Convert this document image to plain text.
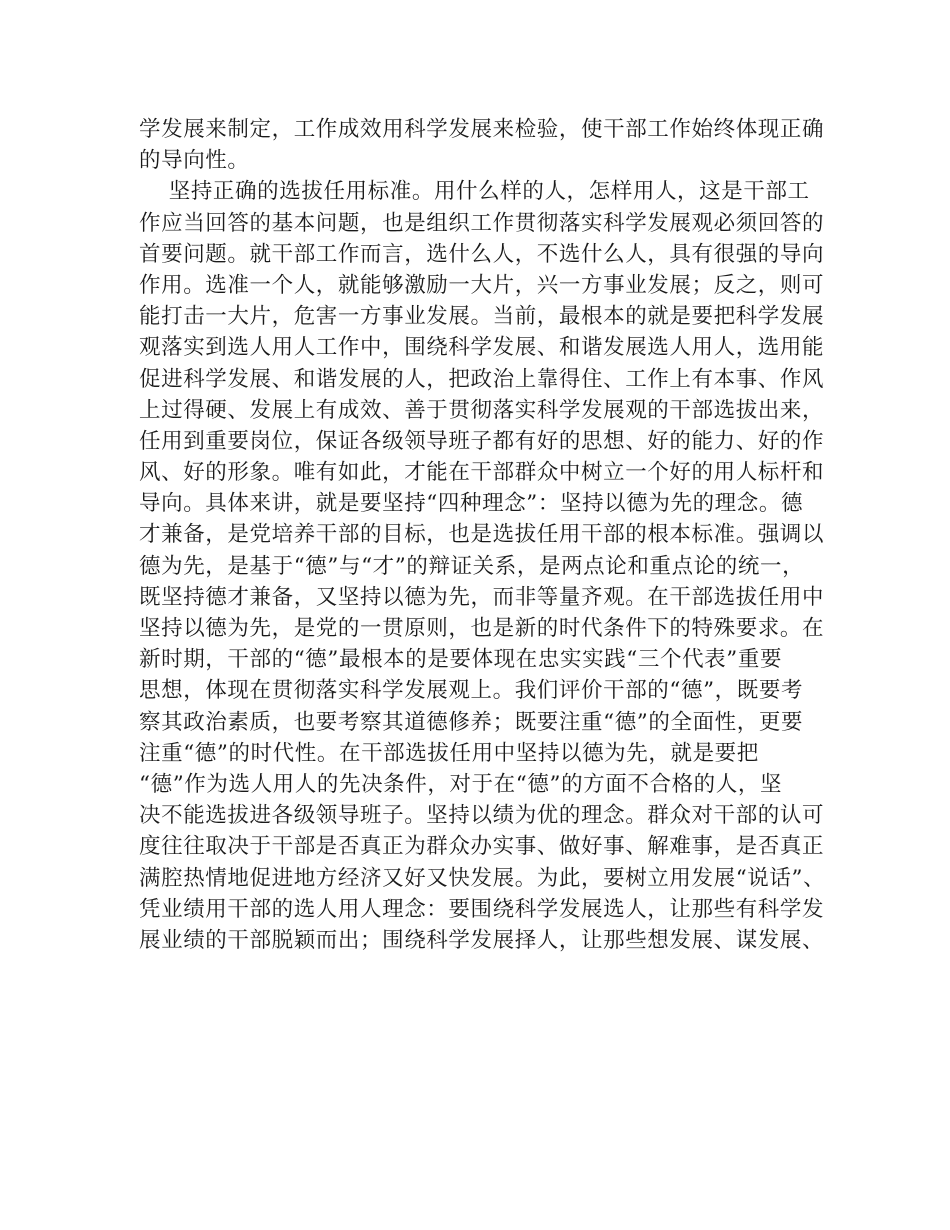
学发展来制定，工作成效用科学发展来检验，使干部工作始终体现正确
的导向性。
坚持正确的选拔任用标准。用什么样的人，怎样用人，这是干部工
作应当回答的基本问题，也是组织工作贯彻落实科学发展观必须回答的
首要问题。就干部工作而言，选什么人，不选什么人，具有很强的导向
作用。选准一个人，就能够激励一大片，兴一方事业发展；反之，则可
能打击一大片，危害一方事业发展。当前，最根本的就是要把科学发展
观落实到选人用人工作中，围绕科学发展、和谐发展选人用人，选用能
促进科学发展、和谐发展的人，把政治上靠得住、工作上有本事、作风
上过得硬、发展上有成效、善于贯彻落实科学发展观的干部选拔出来，
任用到重要岗位，保证各级领导班子都有好的思想、好的能力、好的作
风、好的形象。唯有如此，才能在干部群众中树立一个好的用人标杆和
导向。具体来讲，就是要坚持“四种理念”：坚持以德为先的理念。德
才兼备，是党培养干部的目标，也是选拔任用干部的根本标准。强调以
德为先，是基于“德”与“才”的辩证关系，是两点论和重点论的统一，
既坚持德才兼备，又坚持以德为先，而非等量齐观。在干部选拔任用中
坚持以德为先，是党的一贯原则，也是新的时代条件下的特殊要求。在
新时期，干部的“德”最根本的是要体现在忠实实践“三个代表”重要
思想，体现在贯彻落实科学发展观上。我们评价干部的“德”，既要考
察其政治素质，也要考察其道德修养；既要注重“德”的全面性，更要
注重“德”的时代性。在干部选拔任用中坚持以德为先，就是要把
“德”作为选人用人的先决条件，对于在“德”的方面不合格的人，坚
决不能选拔进各级领导班子。坚持以绩为优的理念。群众对干部的认可
度往往取决于干部是否真正为群众办实事、做好事、解难事，是否真正
满腔热情地促进地方经济又好又快发展。为此，要树立用发展“说话”、
凭业绩用干部的选人用人理念：要围绕科学发展选人，让那些有科学发
展业绩的干部脱颖而出；围绕科学发展择人，让那些想发展、谋发展、
